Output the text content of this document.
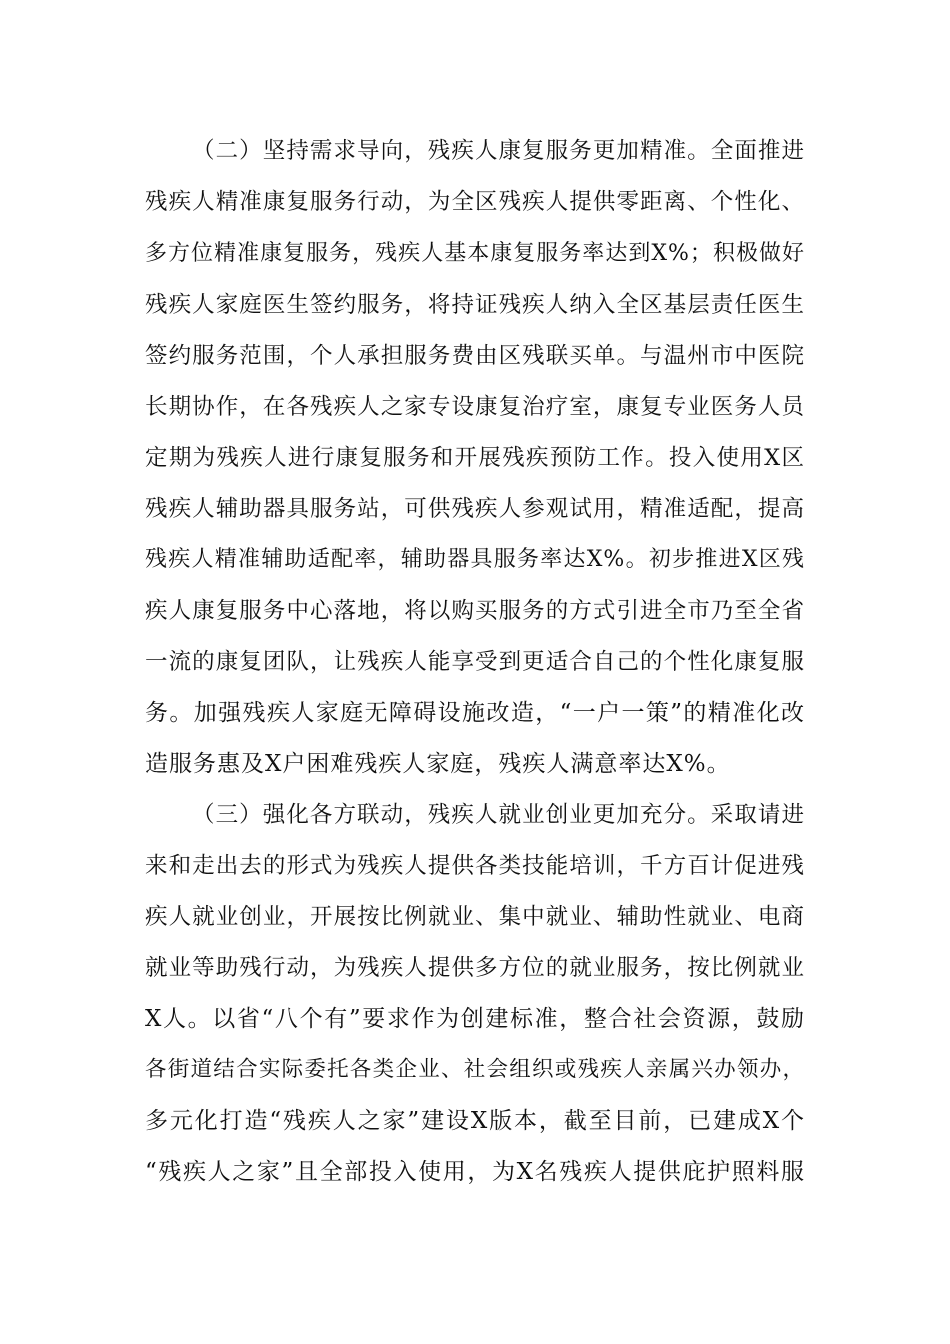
（二）坚持需求导向，残疾人康复服务更加精准。全面推进
残疾人精准康复服务行动，为全区残疾人提供零距离、个性化、
多方位精准康复服务，残疾人基本康复服务率达到X%；积极做好
残疾人家庭医生签约服务，将持证残疾人纳入全区基层责任医生
签约服务范围，个人承担服务费由区残联买单。与温州市中医院
长期协作，在各残疾人之家专设康复治疗室，康复专业医务人员
定期为残疾人进行康复服务和开展残疾预防工作。投入使用X区
残疾人辅助器具服务站，可供残疾人参观试用，精准适配，提高
残疾人精准辅助适配率，辅助器具服务率达X%。初步推进X区残
疾人康复服务中心落地，将以购买服务的方式引进全市乃至全省
一流的康复团队，让残疾人能享受到更适合自己的个性化康复服
务。加强残疾人家庭无障碍设施改造，“一户一策”的精准化改
造服务惠及X户困难残疾人家庭，残疾人满意率达X%。
（三）强化各方联动，残疾人就业创业更加充分。采取请进
来和走出去的形式为残疾人提供各类技能培训，千方百计促进残
疾人就业创业，开展按比例就业、集中就业、辅助性就业、电商
就业等助残行动，为残疾人提供多方位的就业服务，按比例就业
X人。以省“八个有”要求作为创建标准，整合社会资源，鼓励
各街道结合实际委托各类企业、社会组织或残疾人亲属兴办领办，
多元化打造“残疾人之家”建设X版本，截至目前，已建成X个
“残疾人之家”且全部投入使用，为X名残疾人提供庇护照料服
